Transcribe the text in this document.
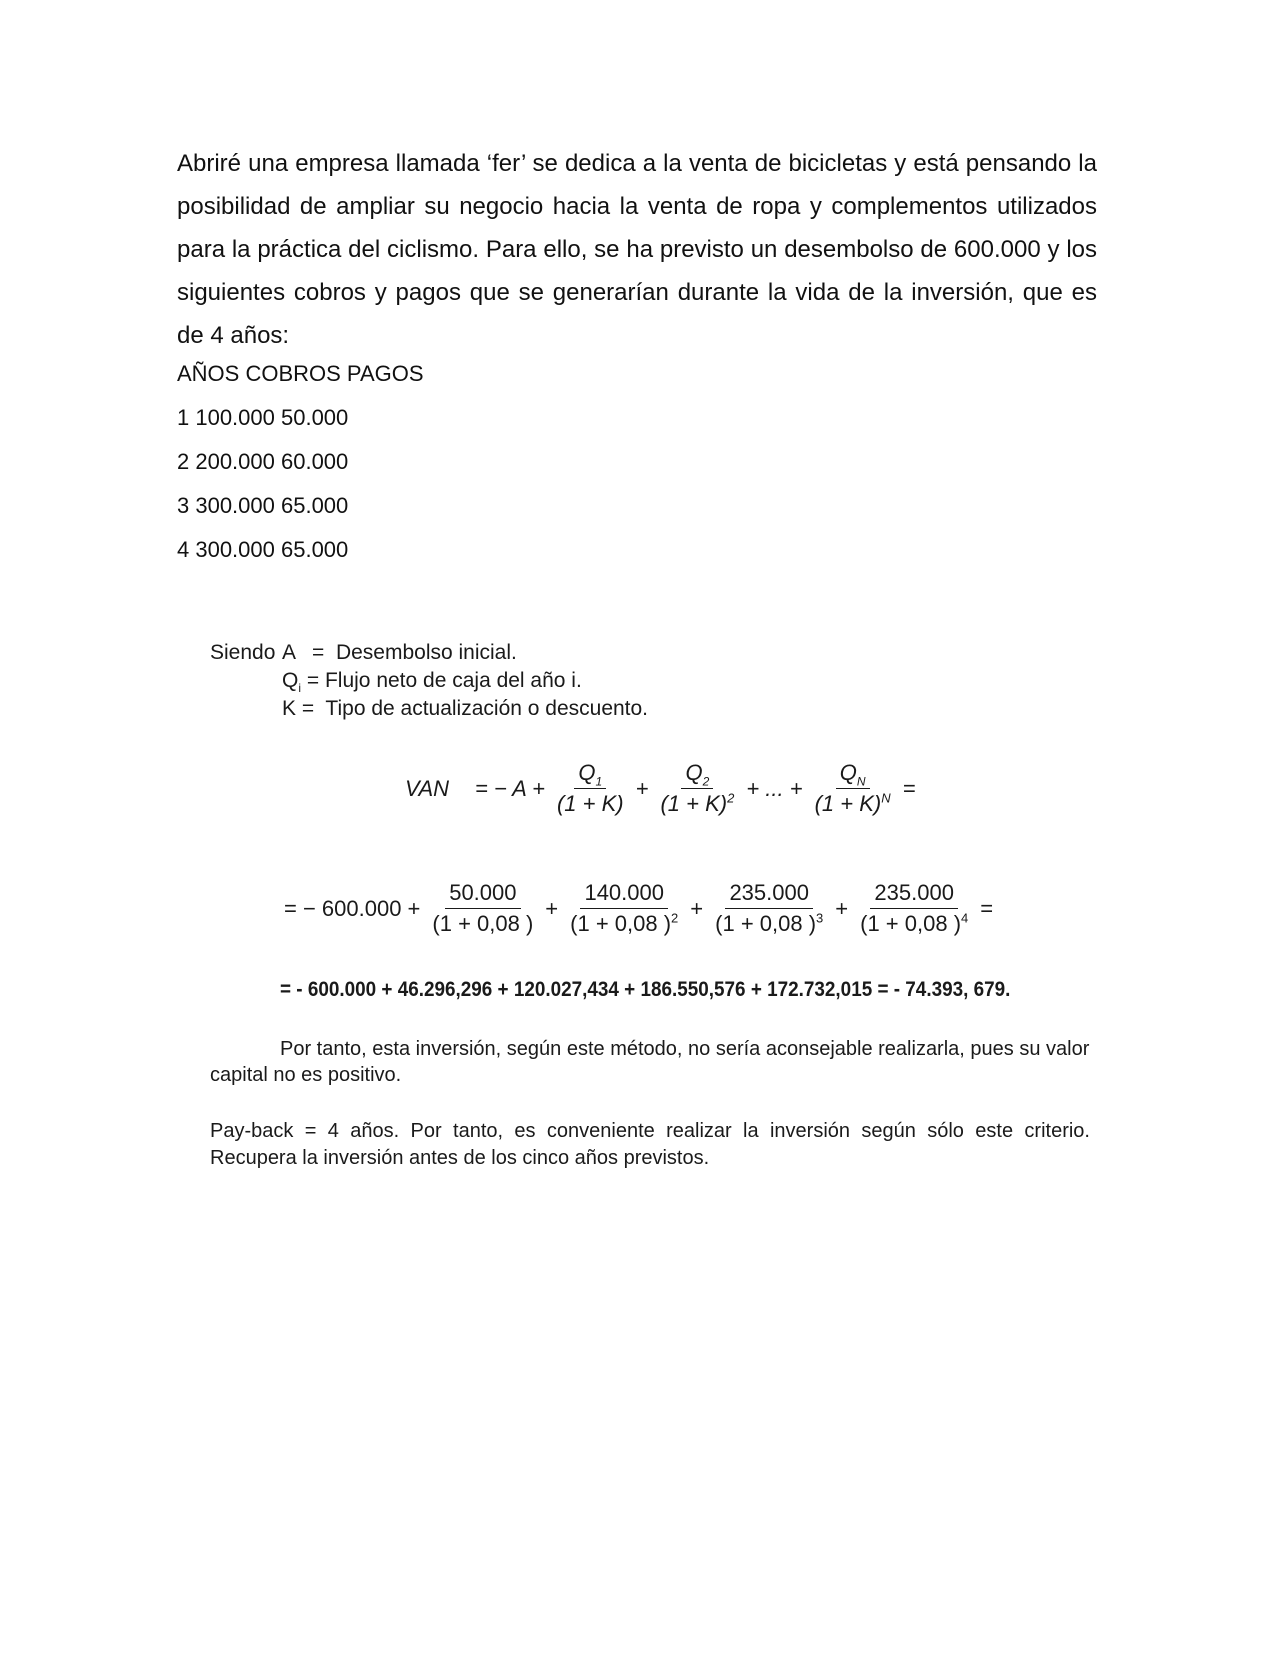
Abriré una empresa llamada ‘fer’ se dedica a la venta de bicicletas y está pensando la posibilidad de ampliar su negocio hacia la venta de ropa y complementos utilizados para la práctica del ciclismo. Para ello, se ha previsto un desembolso de 600.000 y los siguientes cobros y pagos que se generarían durante la vida de la inversión, que es de 4 años:

AÑOS COBROS PAGOS
1 100.000 50.000
2 200.000 60.000
3 300.000 65.000
4 300.000 65.000
Siendo A = Desembolso inicial.
$Q_i$ = Flujo neto de caja del año i.
K = Tipo de actualización o descuento.
VAN = − $A + \frac{Q_1}{(1 + K)} + \frac{Q_2}{(1 + K)^2}$ + ... + $\frac{Q_N}{(1 + K)^N}$ =
= − $600.000 + \frac{50.000}{(1 + 0,08 )} + \frac{140.000}{(1 + 0,08 )^2} + \frac{235.000}{(1 + 0,08 )^3} + \frac{235.000}{(1 + 0,08 )^4}$ =
= - 600.000 + 46.296,296 + 120.027,434 + 186.550,576 + 172.732,015 = - 74.393, 679.
Por tanto, esta inversión, según este método, no sería aconsejable realizarla, pues su valor
capital no es positivo.
Pay-back = 4 años. Por tanto, es conveniente realizar la inversión según sólo este criterio. Recupera la inversión antes de los cinco años previstos.
